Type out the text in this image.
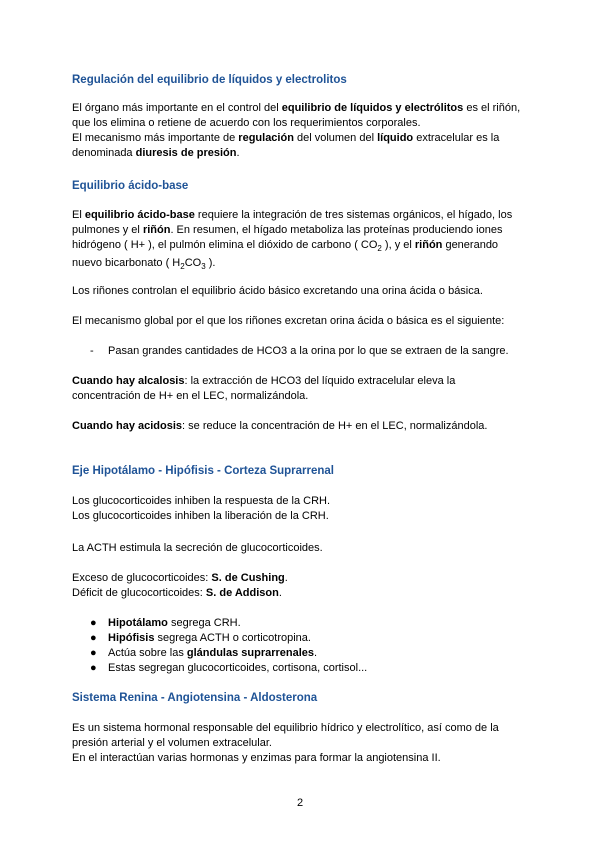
Regulación del equilibrio de líquidos y electrolitos
El órgano más importante en el control del equilibrio de líquidos y electrólitos es el riñón,
que los elimina o retiene de acuerdo con los requerimientos corporales.
El mecanismo más importante de regulación del volumen del líquido extracelular es la
denominada diuresis de presión.
Equilibrio ácido-base
El equilibrio ácido-base requiere la integración de tres sistemas orgánicos, el hígado, los
pulmones y el riñón. En resumen, el hígado metaboliza las proteínas produciendo iones
hidrógeno ( H+ ), el pulmón elimina el dióxido de carbono ( $CO_2$ ), y el riñón generando
nuevo bicarbonato ( $H_2CO_3$ ).
Los riñones controlan el equilibrio ácido básico excretando una orina ácida o básica.
El mecanismo global por el que los riñones excretan orina ácida o básica es el siguiente:
-	Pasan grandes cantidades de HCO3 a la orina por lo que se extraen de la sangre.
Cuando hay alcalosis: la extracción de HCO3 del líquido extracelular eleva la
concentración de H+ en el LEC, normalizándola.
Cuando hay acidosis: se reduce la concentración de H+ en el LEC, normalizándola.
Eje Hipotálamo - Hipófisis - Corteza Suprarrenal
Los glucocorticoides inhiben la respuesta de la CRH.
Los glucocorticoides inhiben la liberación de la CRH.
La ACTH estimula la secreción de glucocorticoides.
Exceso de glucocorticoides: S. de Cushing.
Déficit de glucocorticoides: S. de Addison.
●	Hipotálamo segrega CRH.
●	Hipófisis segrega ACTH o corticotropina.
●	Actúa sobre las glándulas suprarrenales.
●	Estas segregan glucocorticoides, cortisona, cortisol...
Sistema Renina - Angiotensina - Aldosterona
Es un sistema hormonal responsable del equilibrio hídrico y electrolítico, así como de la
presión arterial y el volumen extracelular.
En el interactúan varias hormonas y enzimas para formar la angiotensina II.
2
